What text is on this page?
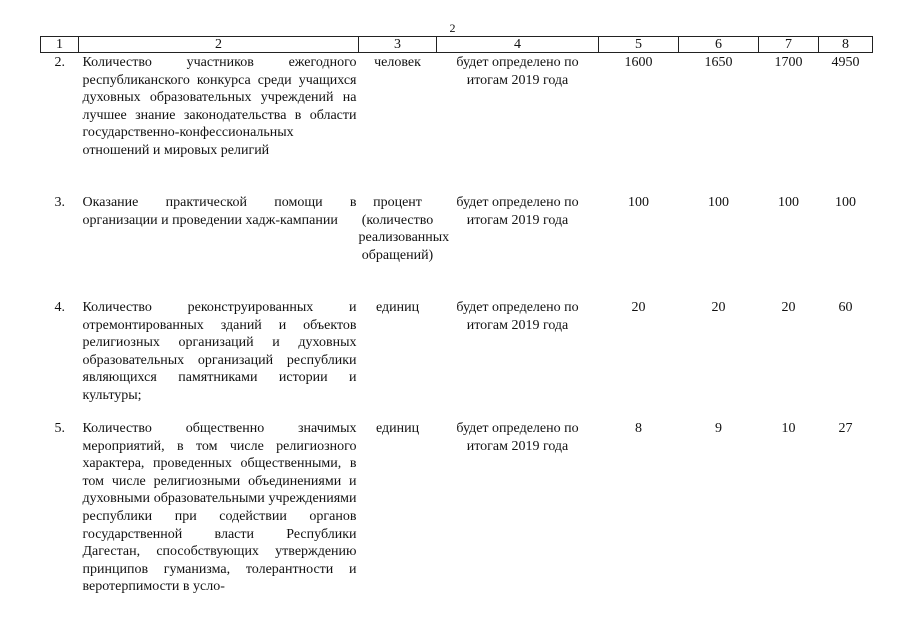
2
1	2	3	4	5	6	7	8
2.	Количество участников ежегодного республиканского конкурса среди учащихся духовных образовательных учреждений на лучшее знание законодательства в области государственно-конфессиональных отношений и мировых религий	человек	будет определено по итогам 2019 года	1600	1650	1700	4950
3.	Оказание практической помощи в организации и проведении хадж-кампании	процент (количество реализованных обращений)	будет определено по итогам 2019 года	100	100	100	100
4.	Количество реконструированных и отремонтированных зданий и объектов религиозных организаций и духовных образовательных организаций республики являющихся памятниками истории и культуры;	единиц	будет определено по итогам 2019 года	20	20	20	60
5.	Количество общественно значимых мероприятий, в том числе религиозного характера, проведенных общественными, в том числе религиозными объединениями и духовными образовательными учреждениями республики при содействии органов государственной власти Республики Дагестан, способствующих утверждению принципов гуманизма, толерантности и веротерпимости в усло-	единиц	будет определено по итогам 2019 года	8	9	10	27
